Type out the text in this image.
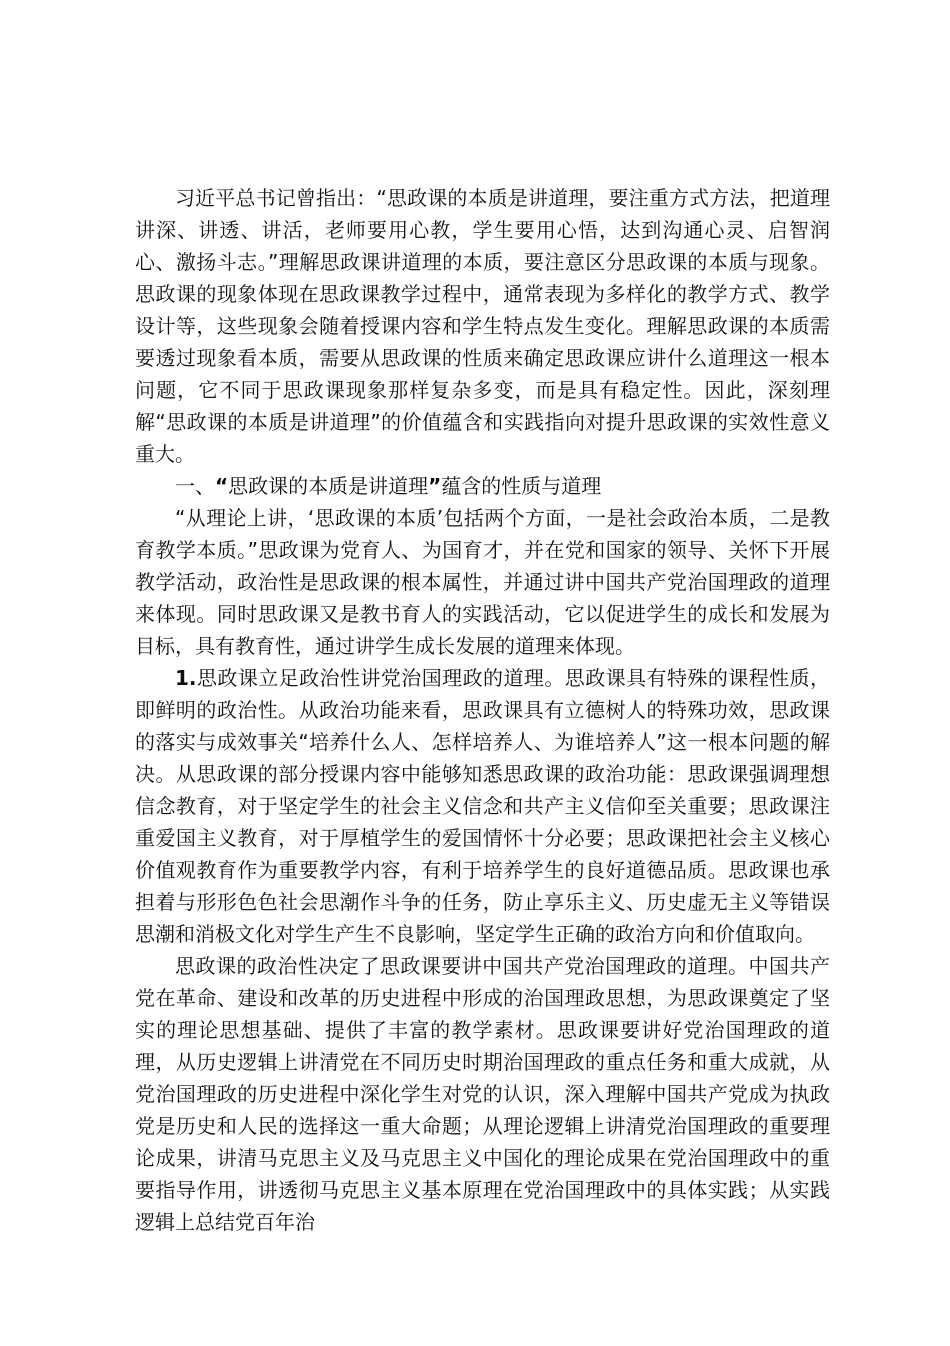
习近平总书记曾指出：“思政课的本质是讲道理，要注重方式方法，把道理讲深、讲透、讲活，老师要用心教，学生要用心悟，达到沟通心灵、启智润心、激扬斗志。”理解思政课讲道理的本质，要注意区分思政课的本质与现象。思政课的现象体现在思政课教学过程中，通常表现为多样化的教学方式、教学设计等，这些现象会随着授课内容和学生特点发生变化。理解思政课的本质需要透过现象看本质，需要从思政课的性质来确定思政课应讲什么道理这一根本问题，它不同于思政课现象那样复杂多变，而是具有稳定性。因此，深刻理解“思政课的本质是讲道理”的价值蕴含和实践指向对提升思政课的实效性意义重大。

一、“思政课的本质是讲道理”蕴含的性质与道理

“从理论上讲，‘思政课的本质’包括两个方面，一是社会政治本质，二是教育教学本质。”思政课为党育人、为国育才，并在党和国家的领导、关怀下开展教学活动，政治性是思政课的根本属性，并通过讲中国共产党治国理政的道理来体现。同时思政课又是教书育人的实践活动，它以促进学生的成长和发展为目标，具有教育性，通过讲学生成长发展的道理来体现。

1.思政课立足政治性讲党治国理政的道理。思政课具有特殊的课程性质，即鲜明的政治性。从政治功能来看，思政课具有立德树人的特殊功效，思政课的落实与成效事关“培养什么人、怎样培养人、为谁培养人”这一根本问题的解决。从思政课的部分授课内容中能够知悉思政课的政治功能：思政课强调理想信念教育，对于坚定学生的社会主义信念和共产主义信仰至关重要；思政课注重爱国主义教育，对于厚植学生的爱国情怀十分必要；思政课把社会主义核心价值观教育作为重要教学内容，有利于培养学生的良好道德品质。思政课也承担着与形形色色社会思潮作斗争的任务，防止享乐主义、历史虚无主义等错误思潮和消极文化对学生产生不良影响，坚定学生正确的政治方向和价值取向。

思政课的政治性决定了思政课要讲中国共产党治国理政的道理。中国共产党在革命、建设和改革的历史进程中形成的治国理政思想，为思政课奠定了坚实的理论思想基础、提供了丰富的教学素材。思政课要讲好党治国理政的道理，从历史逻辑上讲清党在不同历史时期治国理政的重点任务和重大成就，从党治国理政的历史进程中深化学生对党的认识，深入理解中国共产党成为执政党是历史和人民的选择这一重大命题；从理论逻辑上讲清党治国理政的重要理论成果，讲清马克思主义及马克思主义中国化的理论成果在党治国理政中的重要指导作用，讲透彻马克思主义基本原理在党治国理政中的具体实践；从实践逻辑上总结党百年治
